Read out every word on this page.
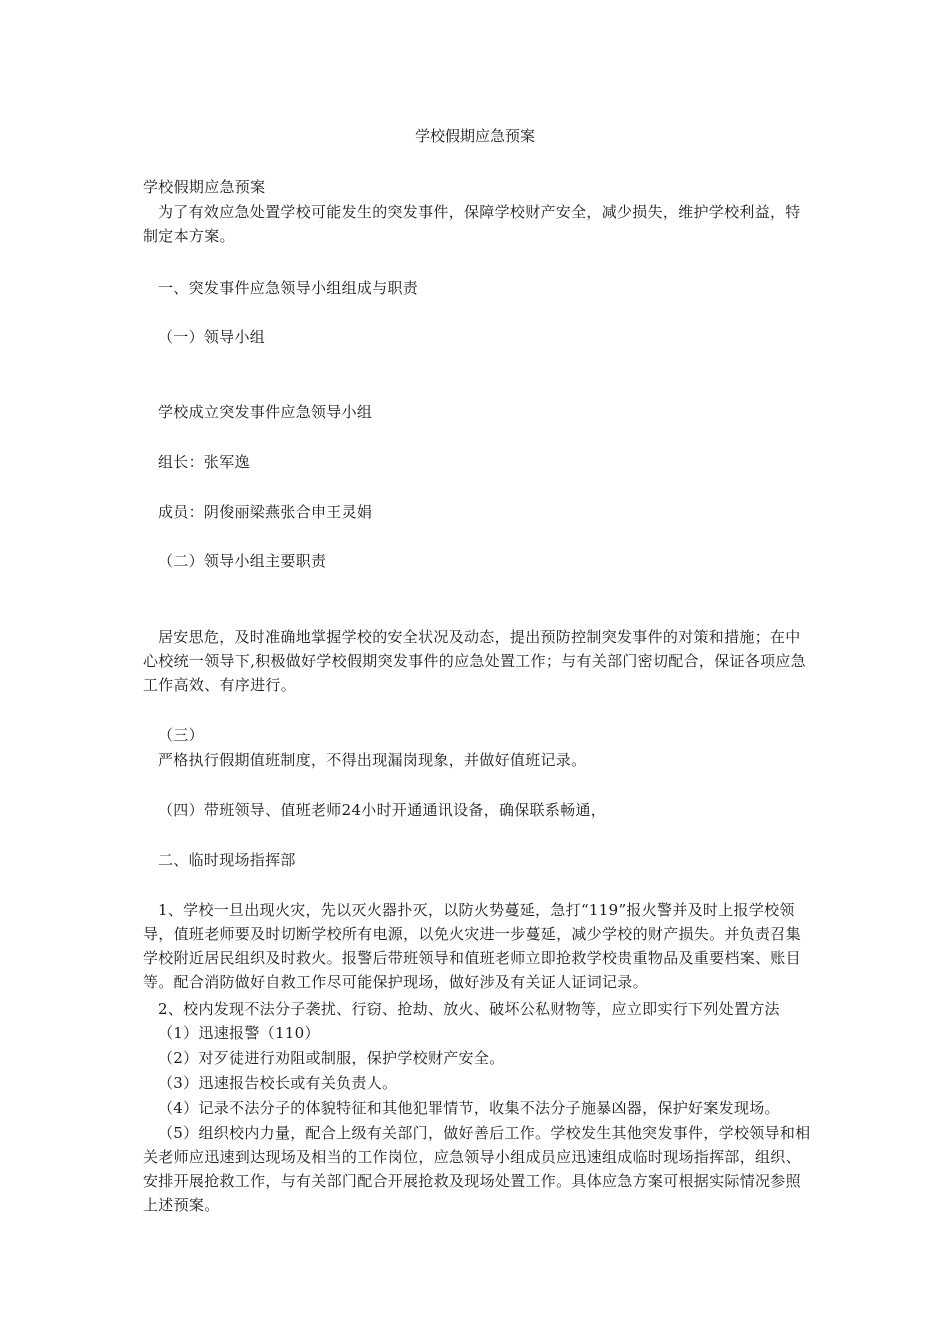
学校假期应急预案

学校假期应急预案

为了有效应急处置学校可能发生的突发事件，保障学校财产安全，减少损失，维护学校利益，特制定本方案。

一、突发事件应急领导小组组成与职责

（一）领导小组

学校成立突发事件应急领导小组

组长：张军逸

成员：阴俊丽梁燕张合申王灵娟

（二）领导小组主要职责

居安思危，及时准确地掌握学校的安全状况及动态，提出预防控制突发事件的对策和措施；在中心校统一领导下,积极做好学校假期突发事件的应急处置工作；与有关部门密切配合，保证各项应急工作高效、有序进行。

（三）

严格执行假期值班制度，不得出现漏岗现象，并做好值班记录。

（四）带班领导、值班老师24小时开通通讯设备，确保联系畅通，

二、临时现场指挥部

1、学校一旦出现火灾，先以灭火器扑灭，以防火势蔓延，急打“119”报火警并及时上报学校领导，值班老师要及时切断学校所有电源，以免火灾进一步蔓延，减少学校的财产损失。并负责召集学校附近居民组织及时救火。报警后带班领导和值班老师立即抢救学校贵重物品及重要档案、账目等。配合消防做好自救工作尽可能保护现场，做好涉及有关证人证词记录。

2、校内发现不法分子袭扰、行窃、抢劫、放火、破坏公私财物等，应立即实行下列处置方法

（1）迅速报警（110）

（2）对歹徒进行劝阻或制服，保护学校财产安全。

（3）迅速报告校长或有关负责人。

（4）记录不法分子的体貌特征和其他犯罪情节，收集不法分子施暴凶器，保护好案发现场。

（5）组织校内力量，配合上级有关部门，做好善后工作。学校发生其他突发事件，学校领导和相关老师应迅速到达现场及相当的工作岗位，应急领导小组成员应迅速组成临时现场指挥部，组织、安排开展抢救工作，与有关部门配合开展抢救及现场处置工作。具体应急方案可根据实际情况参照上述预案。
